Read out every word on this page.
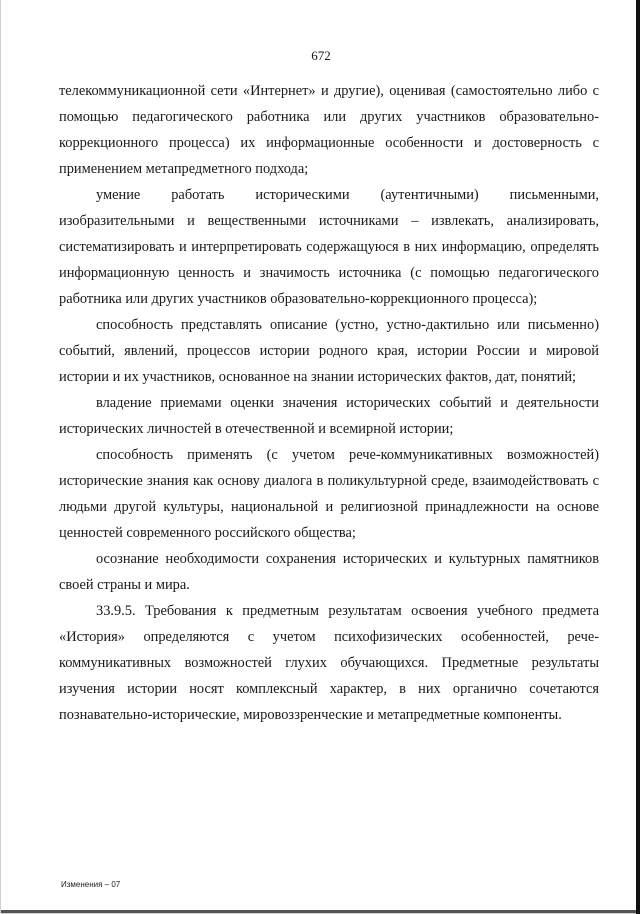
672

телекоммуникационной сети «Интернет» и другие), оценивая (самостоятельно либо с помощью педагогического работника или других участников образовательно-коррекционного процесса) их информационные особенности и достоверность с применением метапредметного подхода;

умение работать историческими (аутентичными) письменными, изобразительными и вещественными источниками – извлекать, анализировать, систематизировать и интерпретировать содержащуюся в них информацию, определять информационную ценность и значимость источника (с помощью педагогического работника или других участников образовательно-коррекционного процесса);

способность представлять описание (устно, устно-дактильно или письменно) событий, явлений, процессов истории родного края, истории России и мировой истории и их участников, основанное на знании исторических фактов, дат, понятий;

владение приемами оценки значения исторических событий и деятельности исторических личностей в отечественной и всемирной истории;

способность применять (с учетом рече-коммуникативных возможностей) исторические знания как основу диалога в поликультурной среде, взаимодействовать с людьми другой культуры, национальной и религиозной принадлежности на основе ценностей современного российского общества;

осознание необходимости сохранения исторических и культурных памятников своей страны и мира.

33.9.5. Требования к предметным результатам освоения учебного предмета «История» определяются с учетом психофизических особенностей, рече-коммуникативных возможностей глухих обучающихся. Предметные результаты изучения истории носят комплексный характер, в них органично сочетаются познавательно-исторические, мировоззренческие и метапредметные компоненты.

Изменения – 07
